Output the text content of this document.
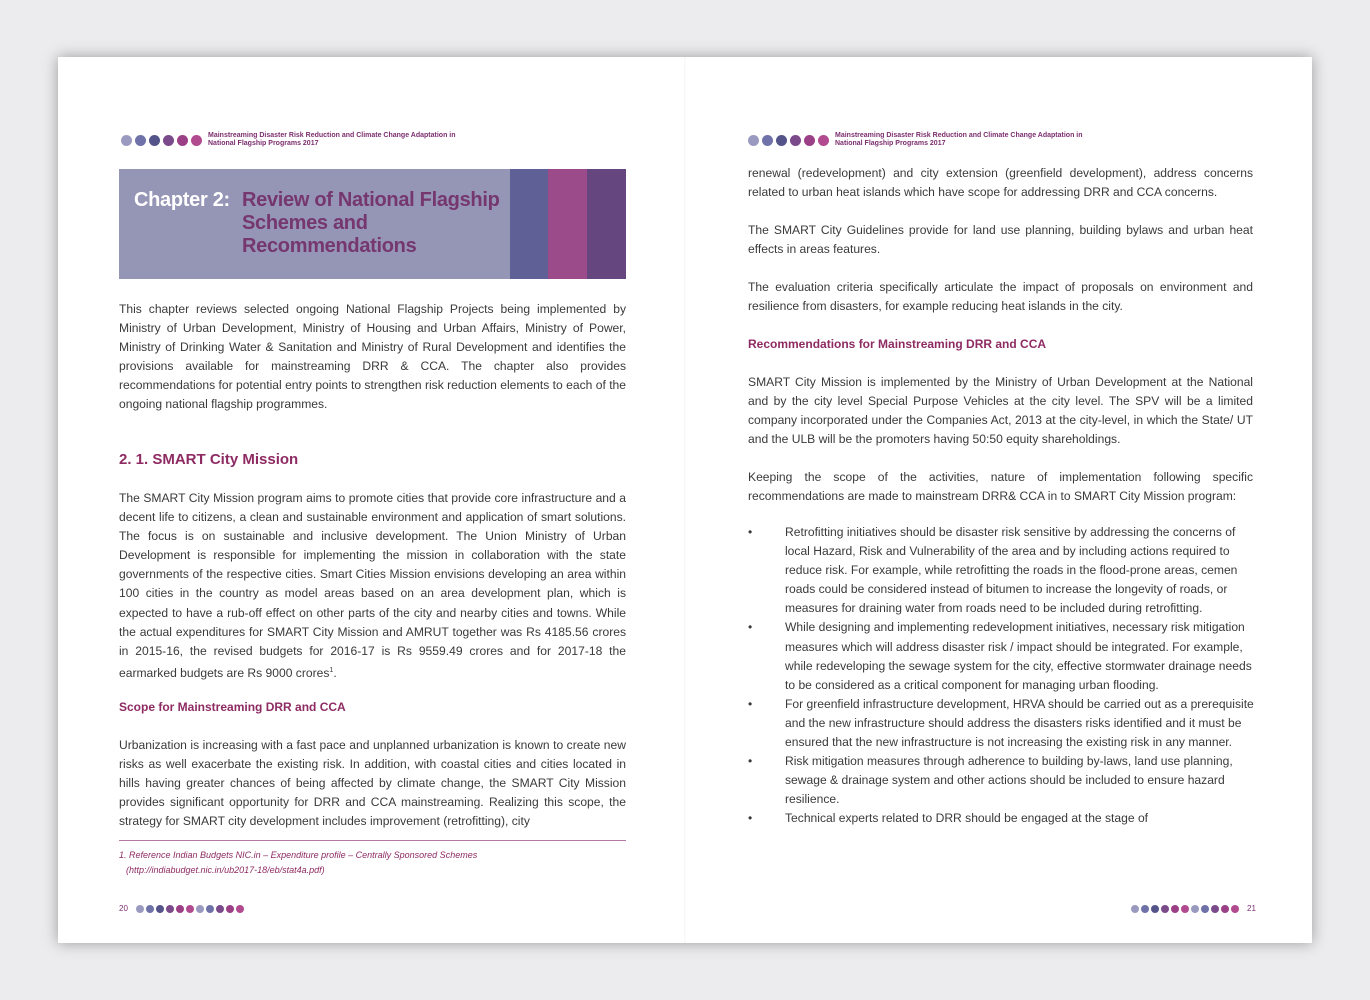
Mainstreaming Disaster Risk Reduction and Climate Change Adaptation in
National Flagship Programs 2017
Chapter 2: Review of National Flagship Schemes and Recommendations

This chapter reviews selected ongoing National Flagship Projects being implemented by Ministry of Urban Development, Ministry of Housing and Urban Affairs, Ministry of Power, Ministry of Drinking Water & Sanitation and Ministry of Rural Development and identifies the provisions available for mainstreaming DRR & CCA. The chapter also provides recommendations for potential entry points to strengthen risk reduction elements to each of the ongoing national flagship programmes.

2. 1. SMART City Mission

The SMART City Mission program aims to promote cities that provide core infrastructure and a decent life to citizens, a clean and sustainable environment and application of smart solutions. The focus is on sustainable and inclusive development. The Union Ministry of Urban Development is responsible for implementing the mission in collaboration with the state governments of the respective cities. Smart Cities Mission envisions developing an area within 100 cities in the country as model areas based on an area development plan, which is expected to have a rub-off effect on other parts of the city and nearby cities and towns. While the actual expenditures for SMART City Mission and AMRUT together was Rs 4185.56 crores in 2015-16, the revised budgets for 2016-17 is Rs 9559.49 crores and for 2017-18 the earmarked budgets are Rs 9000 crores$^1$.

Scope for Mainstreaming DRR and CCA

Urbanization is increasing with a fast pace and unplanned urbanization is known to create new risks as well exacerbate the existing risk. In addition, with coastal cities and cities located in hills having greater chances of being affected by climate change, the SMART City Mission provides significant opportunity for DRR and CCA mainstreaming. Realizing this scope, the strategy for SMART city development includes improvement (retrofitting), city

1. Reference Indian Budgets NIC.in – Expenditure profile – Centrally Sponsored Schemes
(http://indiabudget.nic.in/ub2017-18/eb/stat4a.pdf)
20
Mainstreaming Disaster Risk Reduction and Climate Change Adaptation in
National Flagship Programs 2017

renewal (redevelopment) and city extension (greenfield development), address concerns related to urban heat islands which have scope for addressing DRR and CCA concerns.

The SMART City Guidelines provide for land use planning, building bylaws and urban heat effects in areas features.

The evaluation criteria specifically articulate the impact of proposals on environment and resilience from disasters, for example reducing heat islands in the city.

Recommendations for Mainstreaming DRR and CCA

SMART City Mission is implemented by the Ministry of Urban Development at the National and by the city level Special Purpose Vehicles at the city level. The SPV will be a limited company incorporated under the Companies Act, 2013 at the city-level, in which the State/ UT and the ULB will be the promoters having 50:50 equity shareholdings.

Keeping the scope of the activities, nature of implementation following specific recommendations are made to mainstream DRR& CCA in to SMART City Mission program:

•	Retrofitting initiatives should be disaster risk sensitive by addressing the concerns of local Hazard, Risk and Vulnerability of the area and by including actions required to reduce risk. For example, while retrofitting the roads in the flood-prone areas, cemen roads could be considered instead of bitumen to increase the longevity of roads, or measures for draining water from roads need to be included during retrofitting.
•	While designing and implementing redevelopment initiatives, necessary risk mitigation measures which will address disaster risk / impact should be integrated. For example, while redeveloping the sewage system for the city, effective stormwater drainage needs to be considered as a critical component for managing urban flooding.
•	For greenfield infrastructure development, HRVA should be carried out as a prerequisite and the new infrastructure should address the disasters risks identified and it must be ensured that the new infrastructure is not increasing the existing risk in any manner.
•	Risk mitigation measures through adherence to building by-laws, land use planning, sewage & drainage system and other actions should be included to ensure hazard resilience.
•	Technical experts related to DRR should be engaged at the stage of
21
